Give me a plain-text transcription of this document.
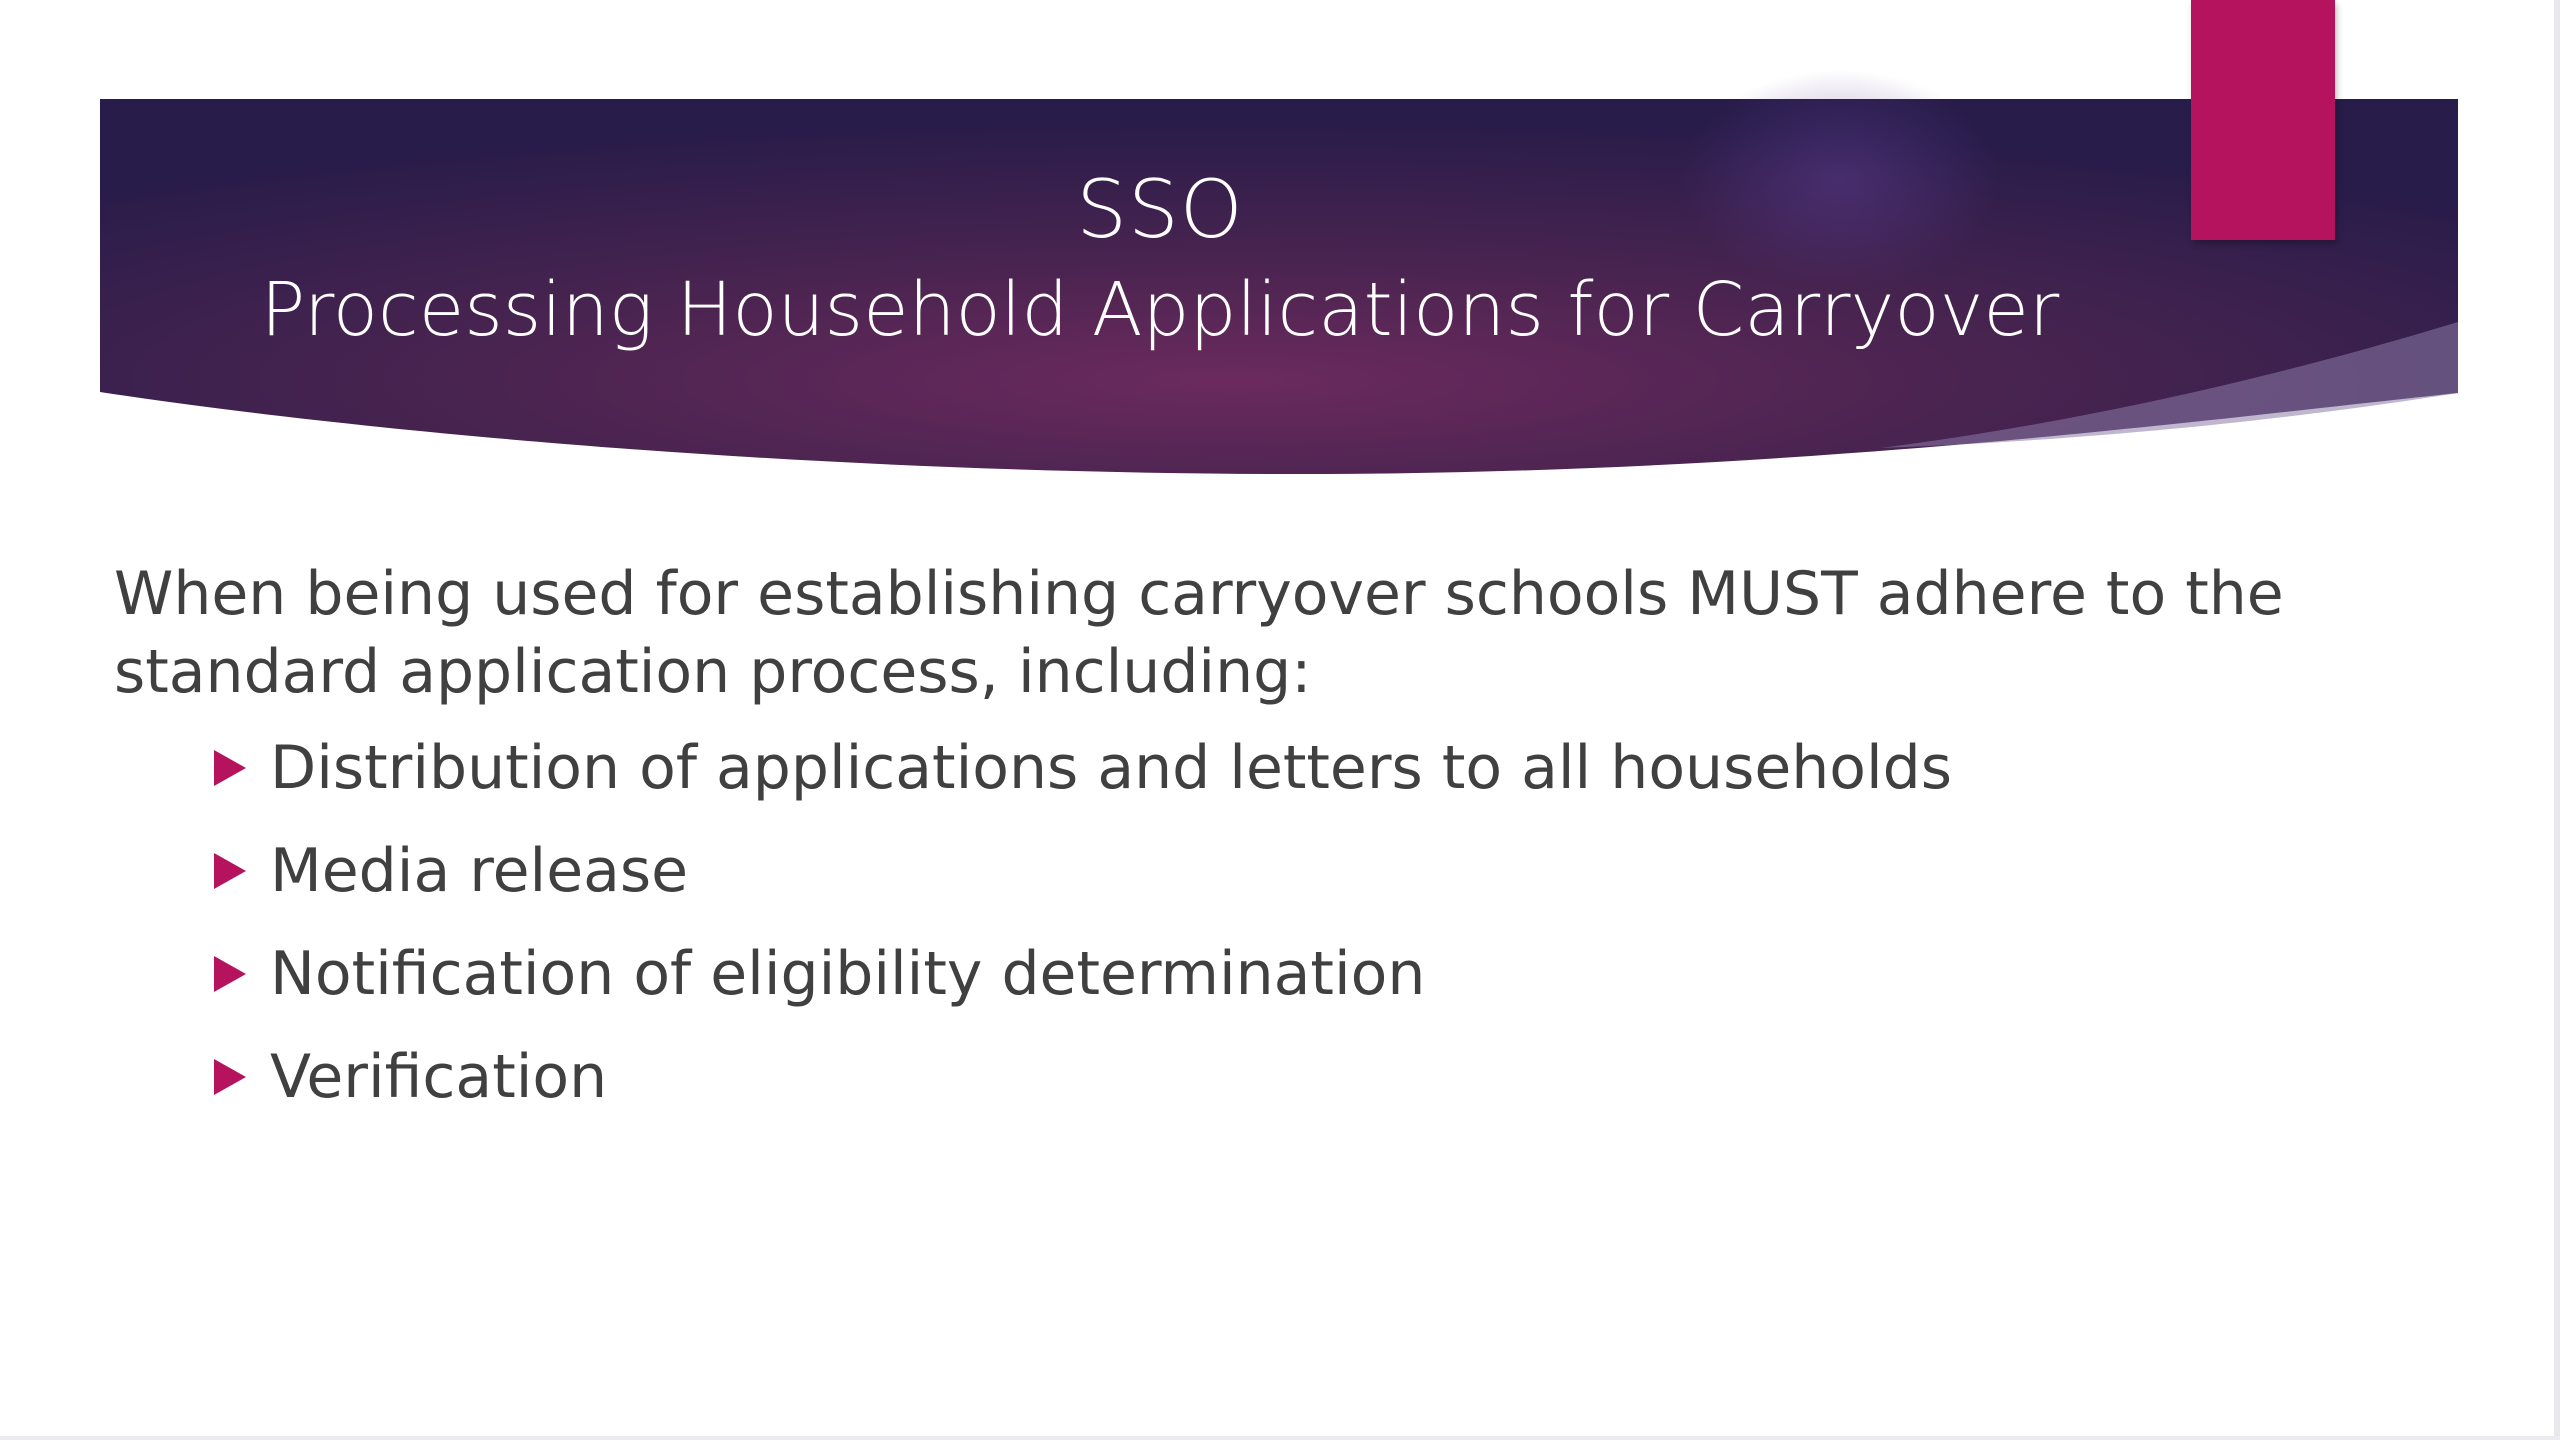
SSO
Processing Household Applications for Carryover

When being used for establishing carryover schools MUST adhere to the standard application process, including:

Distribution of applications and letters to all households
Media release
Notification of eligibility determination
Verification
